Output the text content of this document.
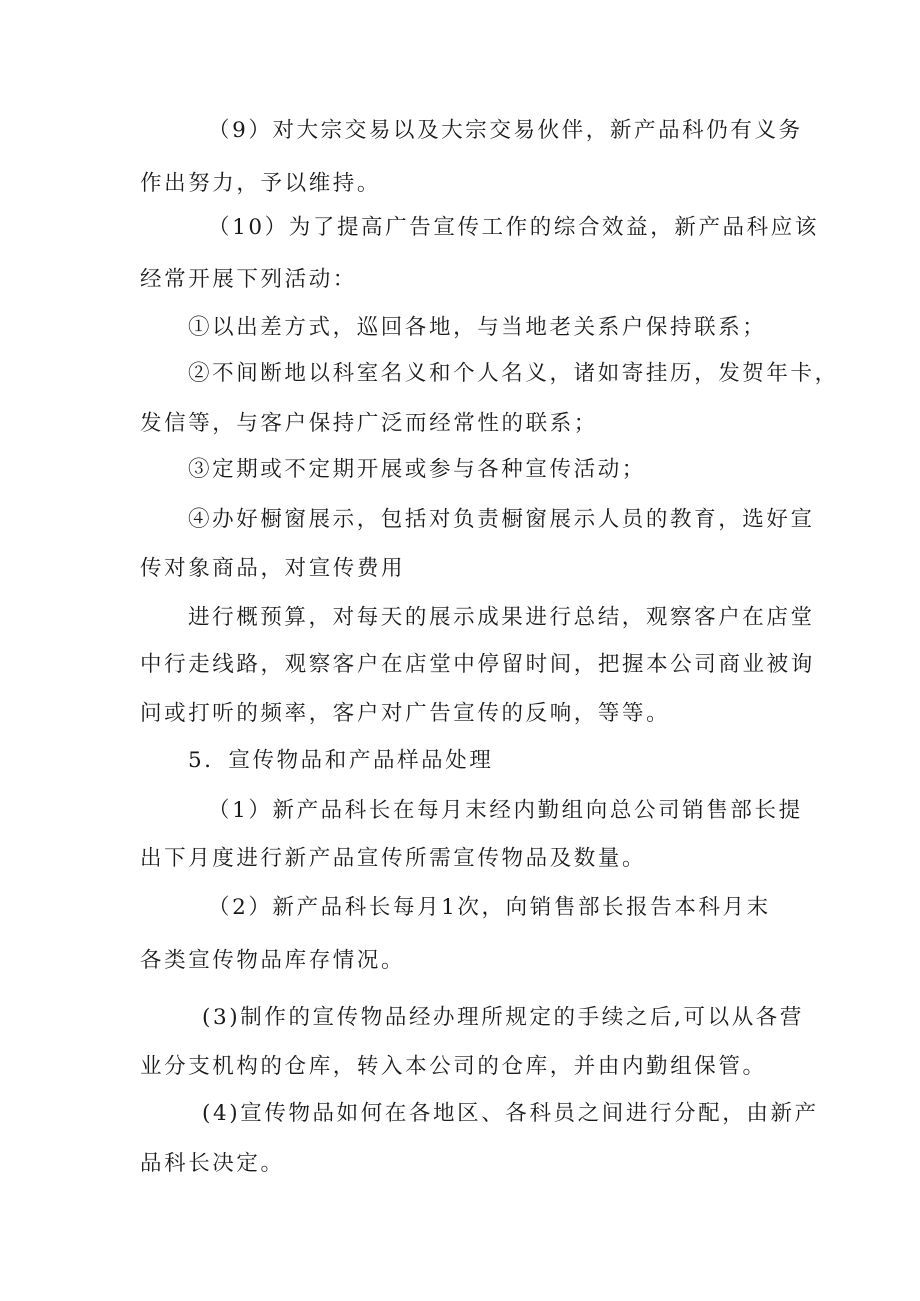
（9）对大宗交易以及大宗交易伙伴，新产品科仍有义务
作出努力，予以维持。
（10）为了提高广告宣传工作的综合效益，新产品科应该
经常开展下列活动：
①以出差方式，巡回各地，与当地老关系户保持联系；
②不间断地以科室名义和个人名义，诸如寄挂历，发贺年卡，
发信等，与客户保持广泛而经常性的联系；
③定期或不定期开展或参与各种宣传活动；
④办好橱窗展示，包括对负责橱窗展示人员的教育，选好宣
传对象商品，对宣传费用
进行概预算，对每天的展示成果进行总结，观察客户在店堂
中行走线路，观察客户在店堂中停留时间，把握本公司商业被询
问或打听的频率，客户对广告宣传的反响，等等。
5．宣传物品和产品样品处理
（1）新产品科长在每月末经内勤组向总公司销售部长提
出下月度进行新产品宣传所需宣传物品及数量。
（2）新产品科长每月1次，向销售部长报告本科月末
各类宣传物品库存情况。
(3)制作的宣传物品经办理所规定的手续之后,可以从各营
业分支机构的仓库，转入本公司的仓库，并由内勤组保管。
(4)宣传物品如何在各地区、各科员之间进行分配，由新产
品科长决定。
